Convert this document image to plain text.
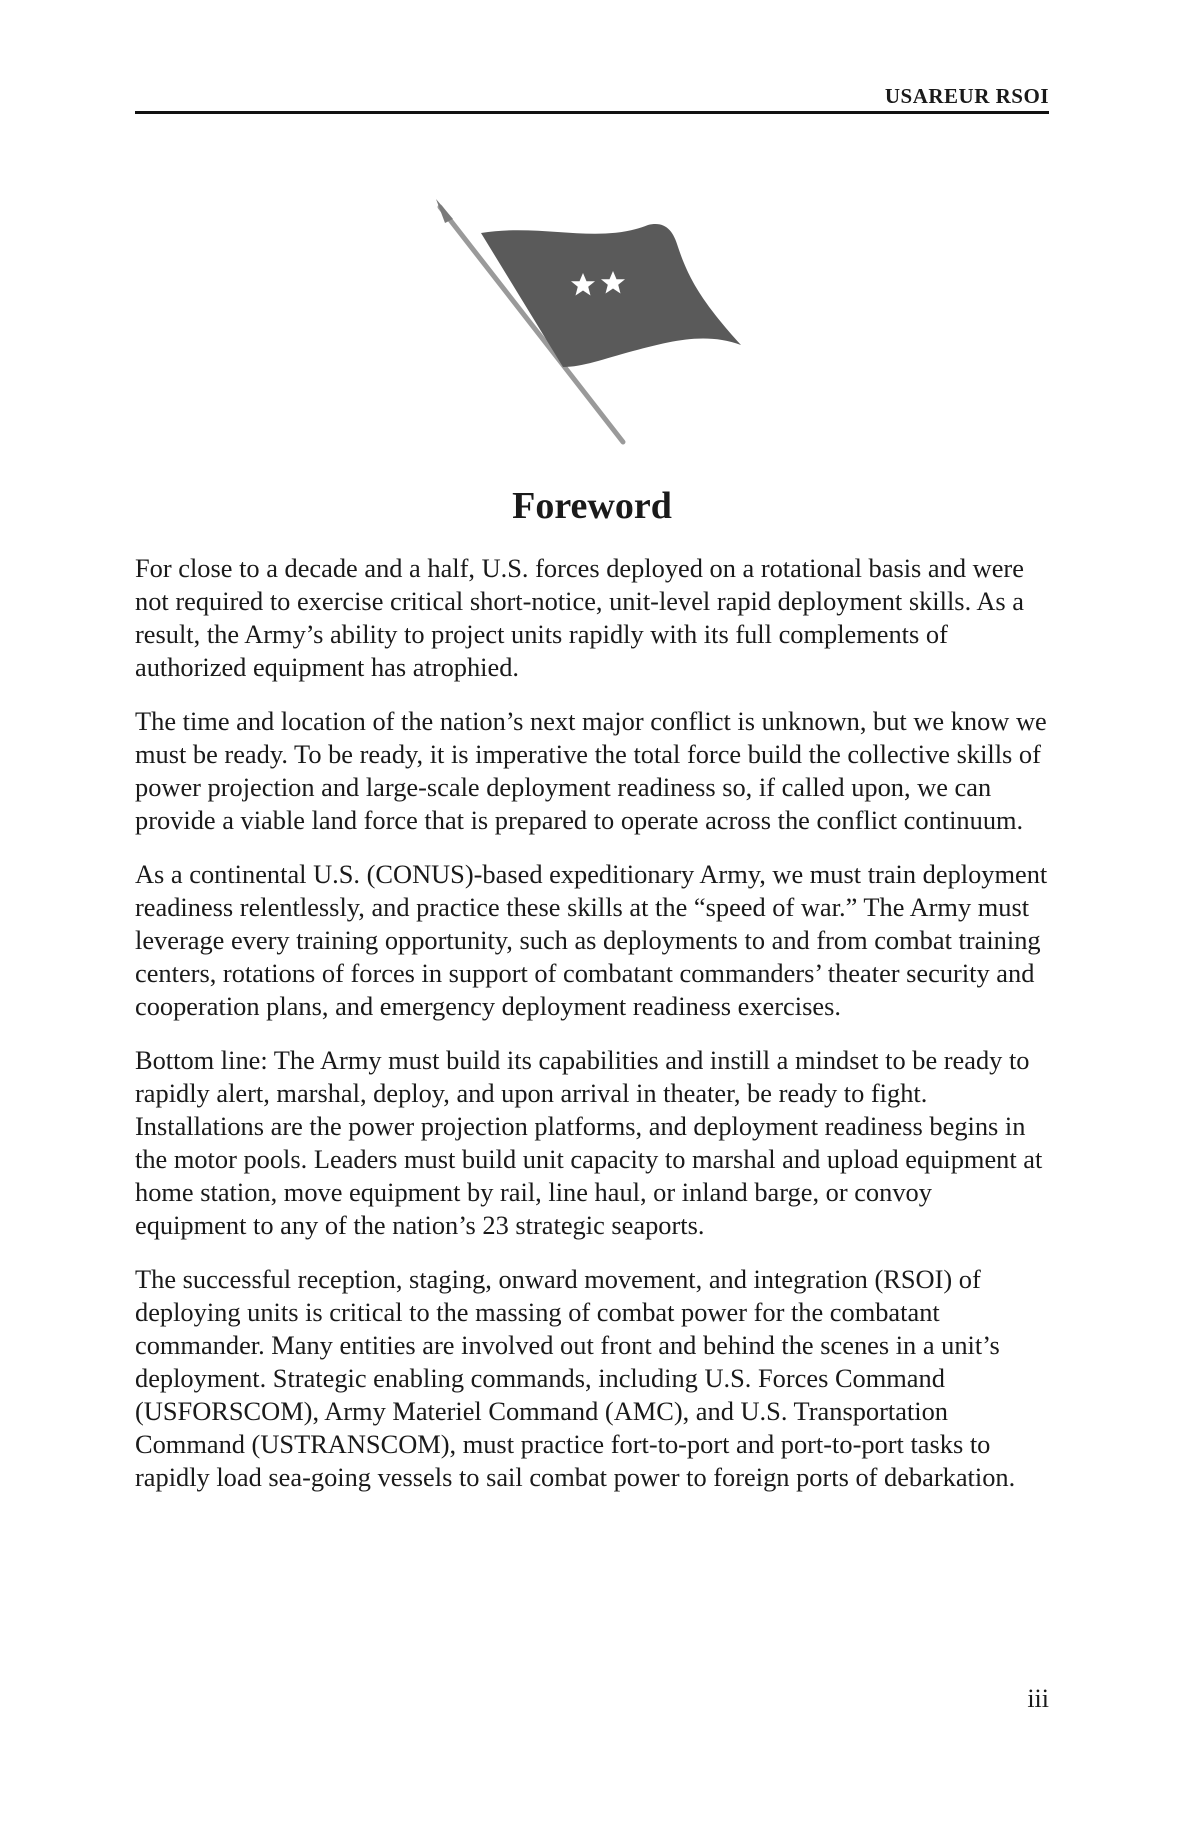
USAREUR RSOI
Foreword

For close to a decade and a half, U.S. forces deployed on a rotational basis and were not required to exercise critical short-notice, unit-level rapid deployment skills. As a result, the Army’s ability to project units rapidly with its full complements of authorized equipment has atrophied.

The time and location of the nation’s next major conflict is unknown, but we know we must be ready. To be ready, it is imperative the total force build the collective skills of power projection and large-scale deployment readiness so, if called upon, we can provide a viable land force that is prepared to operate across the conflict continuum.

As a continental U.S. (CONUS)-based expeditionary Army, we must train deployment readiness relentlessly, and practice these skills at the “speed of war.” The Army must leverage every training opportunity, such as deployments to and from combat training centers, rotations of forces in support of combatant commanders’ theater security and cooperation plans, and emergency deployment readiness exercises.

Bottom line: The Army must build its capabilities and instill a mindset to be ready to rapidly alert, marshal, deploy, and upon arrival in theater, be ready to fight. Installations are the power projection platforms, and deployment readiness begins in the motor pools. Leaders must build unit capacity to marshal and upload equipment at home station, move equipment by rail, line haul, or inland barge, or convoy equipment to any of the nation’s 23 strategic seaports.

The successful reception, staging, onward movement, and integration (RSOI) of deploying units is critical to the massing of combat power for the combatant commander. Many entities are involved out front and behind the scenes in a unit’s deployment. Strategic enabling commands, including U.S. Forces Command (USFORSCOM), Army Materiel Command (AMC), and U.S. Transportation Command (USTRANSCOM), must practice fort-to-port and port-to-port tasks to rapidly load sea-going vessels to sail combat power to foreign ports of debarkation.

iii
